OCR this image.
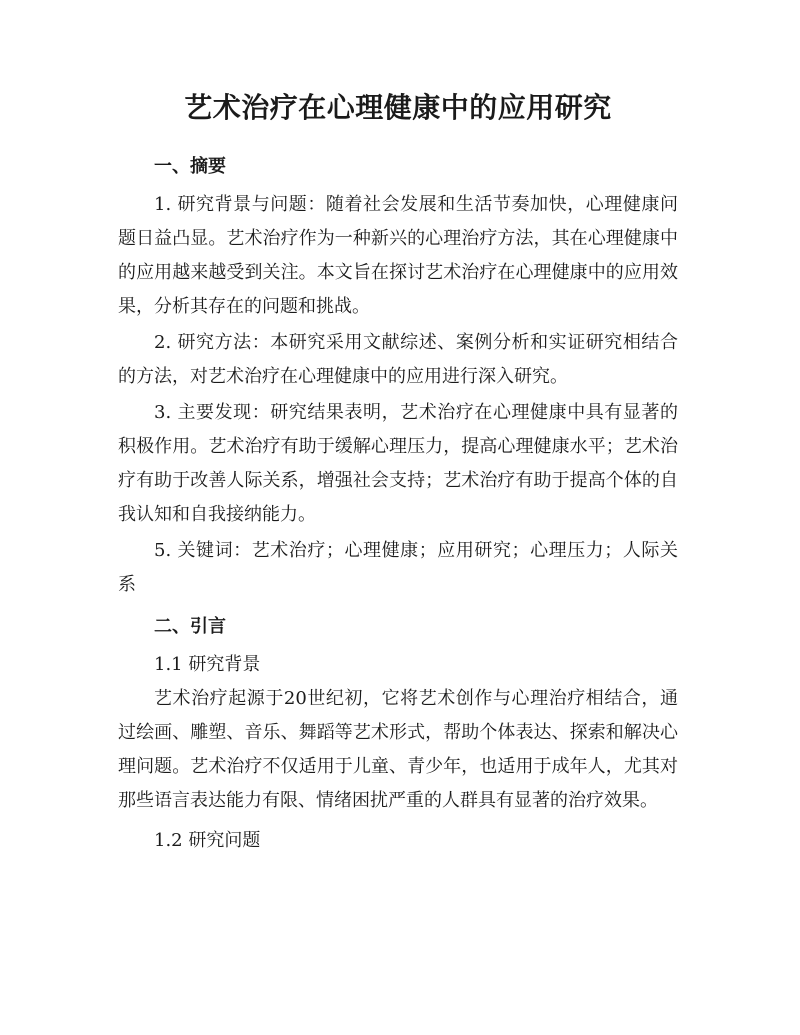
艺术治疗在心理健康中的应用研究
一、摘要

1. 研究背景与问题：随着社会发展和生活节奏加快，心理健康问题日益凸显。艺术治疗作为一种新兴的心理治疗方法，其在心理健康中的应用越来越受到关注。本文旨在探讨艺术治疗在心理健康中的应用效果，分析其存在的问题和挑战。

2. 研究方法：本研究采用文献综述、案例分析和实证研究相结合的方法，对艺术治疗在心理健康中的应用进行深入研究。

3. 主要发现：研究结果表明，艺术治疗在心理健康中具有显著的积极作用。艺术治疗有助于缓解心理压力，提高心理健康水平；艺术治疗有助于改善人际关系，增强社会支持；艺术治疗有助于提高个体的自我认知和自我接纳能力。

5. 关键词：艺术治疗；心理健康；应用研究；心理压力；人际关系

二、引言
1.1 研究背景

艺术治疗起源于20世纪初，它将艺术创作与心理治疗相结合，通过绘画、雕塑、音乐、舞蹈等艺术形式，帮助个体表达、探索和解决心理问题。艺术治疗不仅适用于儿童、青少年，也适用于成年人，尤其对那些语言表达能力有限、情绪困扰严重的人群具有显著的治疗效果。

1.2 研究问题
